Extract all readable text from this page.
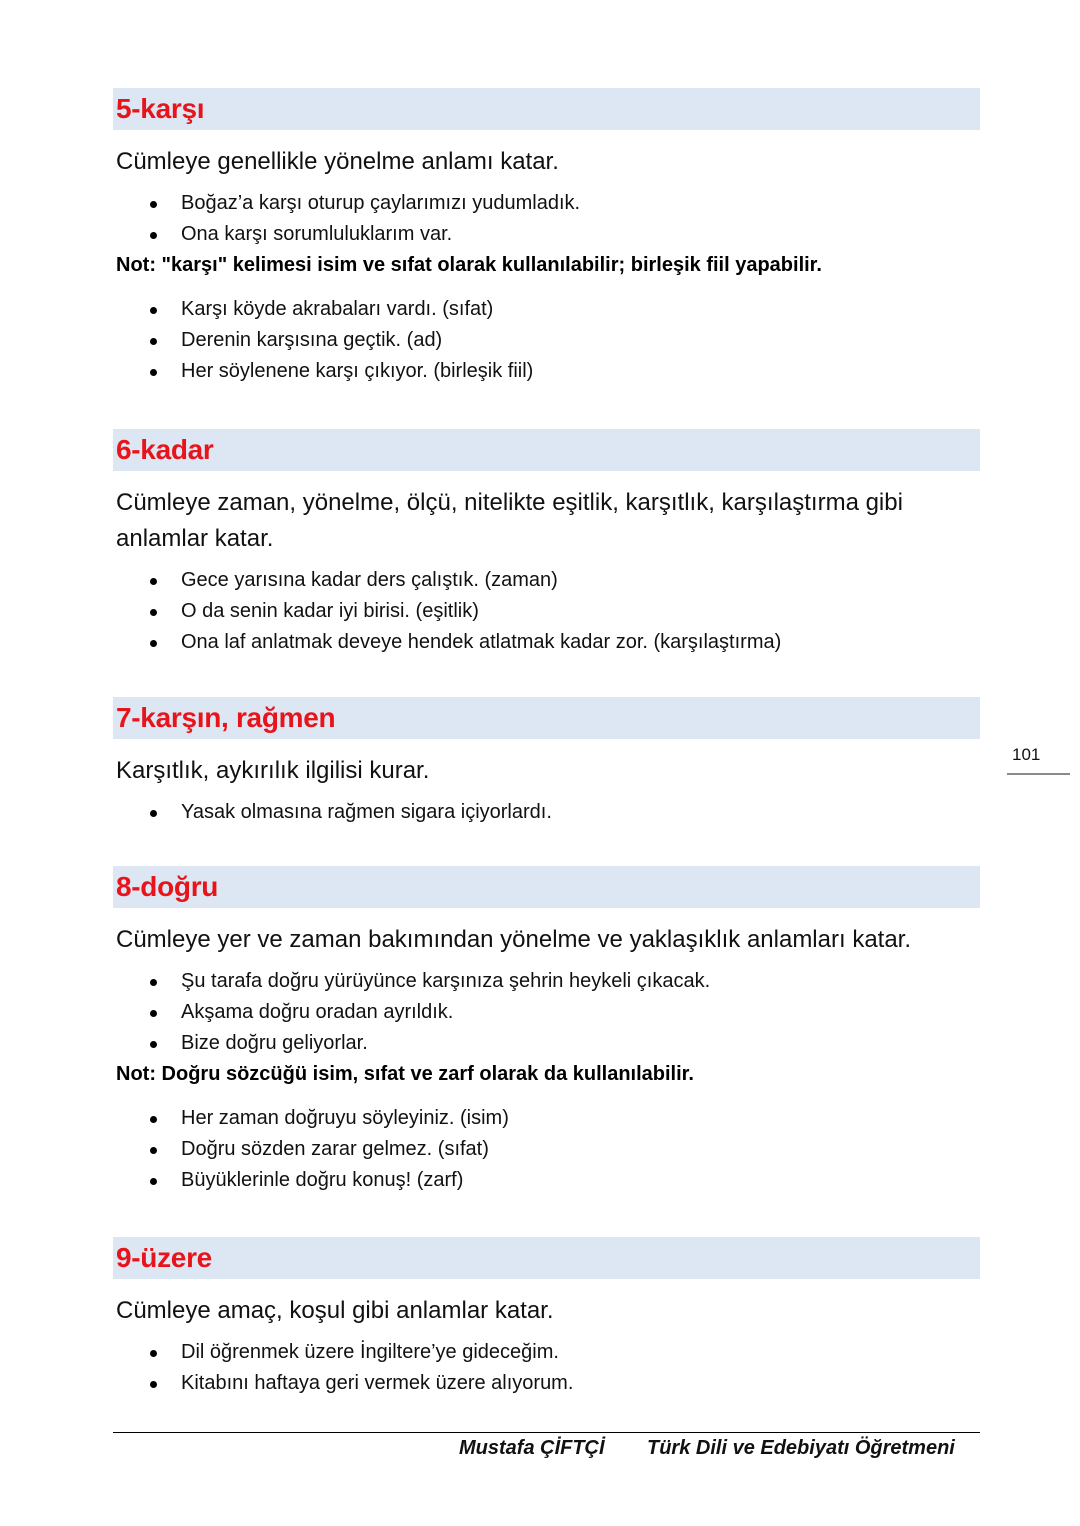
5-karşı
Cümleye genellikle yönelme anlamı katar.
Boğaz’a karşı oturup çaylarımızı yudumladık.
Ona karşı sorumluluklarım var.
Not: "karşı" kelimesi isim ve sıfat olarak kullanılabilir; birleşik fiil yapabilir.
Karşı köyde akrabaları vardı. (sıfat)
Derenin karşısına geçtik. (ad)
Her söylenene karşı çıkıyor. (birleşik fiil)
6-kadar
Cümleye zaman, yönelme, ölçü, nitelikte eşitlik, karşıtlık, karşılaştırma gibi anlamlar katar.
Gece yarısına kadar ders çalıştık. (zaman)
O da senin kadar iyi birisi. (eşitlik)
Ona laf anlatmak deveye hendek atlatmak kadar zor. (karşılaştırma)
7-karşın, rağmen
Karşıtlık, aykırılık ilgilisi kurar.
Yasak olmasına rağmen sigara içiyorlardı.
8-doğru
Cümleye yer ve zaman bakımından yönelme ve yaklaşıklık anlamları katar.
Şu tarafa doğru yürüyünce karşınıza şehrin heykeli çıkacak.
Akşama doğru oradan ayrıldık.
Bize doğru geliyorlar.
Not: Doğru sözcüğü isim, sıfat ve zarf olarak da kullanılabilir.
Her zaman doğruyu söyleyiniz. (isim)
Doğru sözden zarar gelmez. (sıfat)
Büyüklerinle doğru konuş! (zarf)
9-üzere
Cümleye amaç, koşul gibi anlamlar katar.
Dil öğrenmek üzere İngiltere’ye gideceğim.
Kitabını haftaya geri vermek üzere alıyorum.
101
Mustafa ÇİFTÇİ Türk Dili ve Edebiyatı Öğretmeni
